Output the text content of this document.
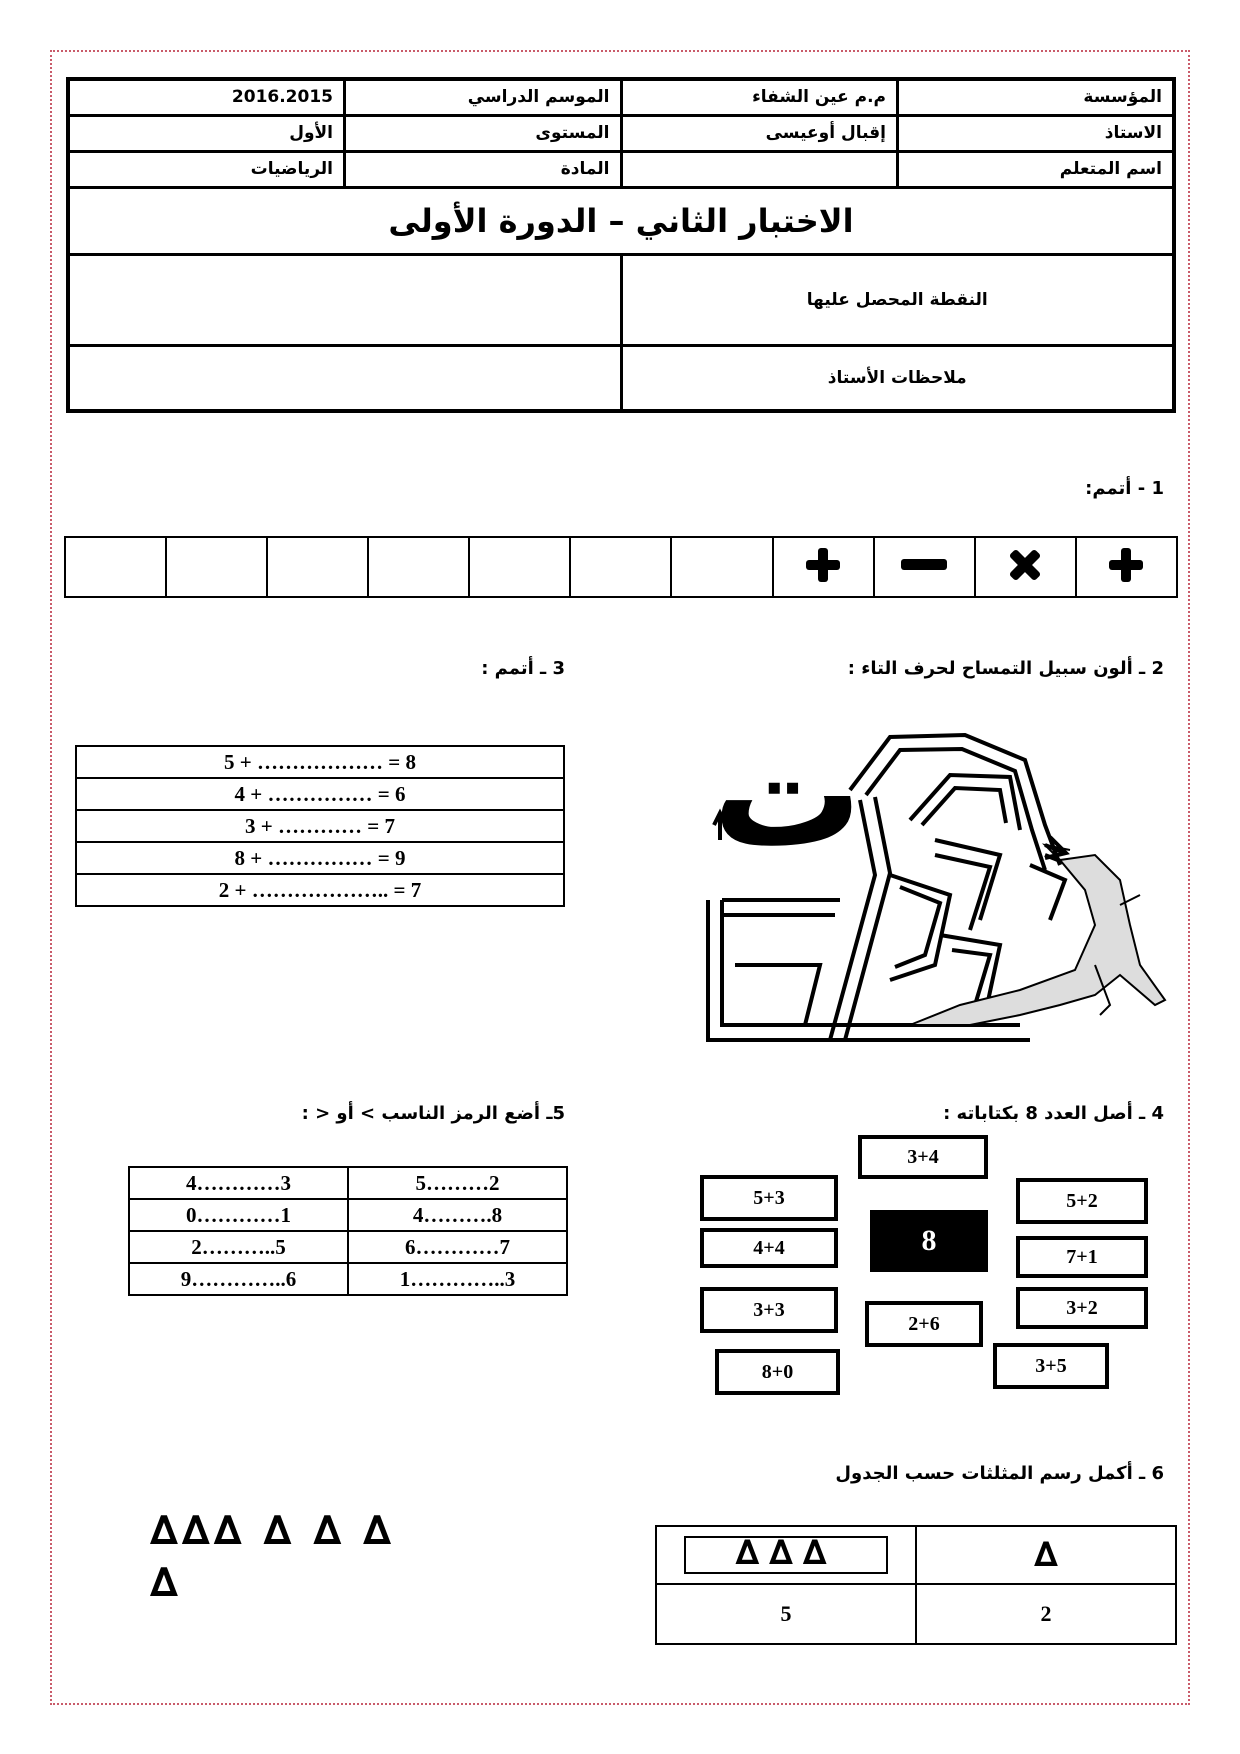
2016.2015	الموسم الدراسي	م.م عين الشفاء	المؤسسة
الأول	المستوى	إقبال أوعيسى	الاستاذ
الرياضيات	المادة		اسم المتعلم
الاختبار الثاني – الدورة الأولى			
		النقطة المحصل عليها	
		ملاحظات الأستاذ	
1 - أتمم:

2 ـ ألون سبيل التمساح لحرف التاء :
ت
3 ـ أتمم :
5 + ……………… = 8
4 + …………… = 6
3 + ………… = 7
8 + …………… = 9
2 + ……………….. = 7
4 ـ أصل العدد 8 بكتاباته :
3+4
5+3	5+2
4+4	7+1
8
3+3	3+2
2+6
3+5
8+0
5ـ أضع الرمز الناسب > أو < :
4…………3	5………2
0…………1	4……….8
2………..5	6…………7
9…………..6	1…………..3
6 ـ أكمل رسم المثلثات حسب الجدول
∆∆∆	∆
5	2
∆∆∆ ∆ ∆ ∆
∆
